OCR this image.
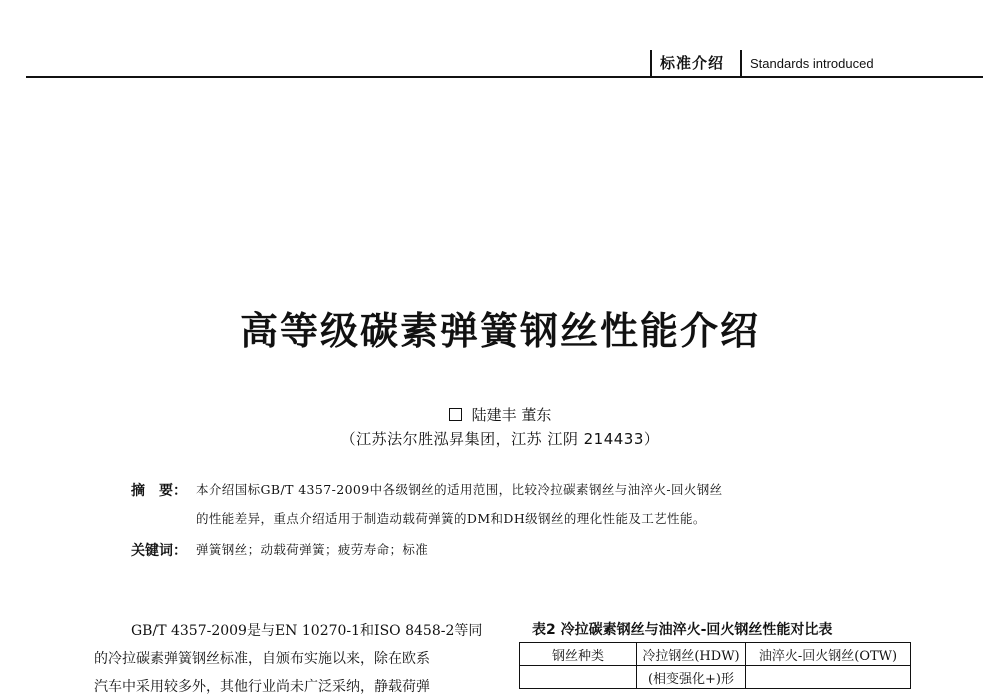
标准介绍 Standards introduced
高等级碳素弹簧钢丝性能介绍
陆建丰 董东
（江苏法尔胜泓昇集团，江苏 江阴 214433）
摘　要： 本介绍国标GB/T 4357-2009中各级钢丝的适用范围，比较冷拉碳素钢丝与油淬火-回火钢丝
的性能差异，重点介绍适用于制造动载荷弹簧的DM和DH级钢丝的理化性能及工艺性能。
关键词： 弹簧钢丝；动载荷弹簧；疲劳寿命；标准
GB/T 4357-2009是与EN 10270-1和ISO 8458-2等同
的冷拉碳素弹簧钢丝标准，自颁布实施以来，除在欧系
汽车中采用较多外，其他行业尚未广泛采纳，静载荷弹
表2 冷拉碳素钢丝与油淬火-回火钢丝性能对比表
钢丝种类	冷拉钢丝(HDW)	油淬火-回火钢丝(OTW)
	(相变强化+)形	
